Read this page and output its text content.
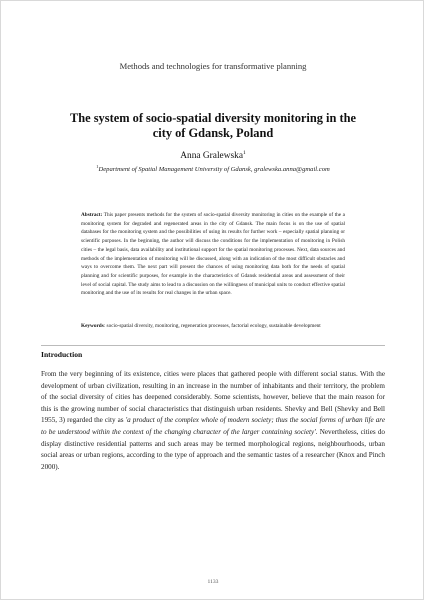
Methods and technologies for transformative planning
The system of socio-spatial diversity monitoring in the city of Gdansk, Poland
Anna Gralewska$^1$
$^1$Department of Spatial Management University of Gdansk, gralewska.anna@gmail.com
Abstract: This paper presents methods for the system of socio-spatial diversity monitoring in cities on the example of the a monitoring system for degraded and regenerated areas in the city of Gdansk. The main focus is on the use of spatial databases for the monitoring system and the possibilities of using its results for further work – especially spatial planning or scientific purposes. In the beginning, the author will discuss the conditions for the implementation of monitoring in Polish cities – the legal basis, data availability and institutional support for the spatial monitoring processes. Next, data sources and methods of the implementation of monitoring will be discussed, along with an indication of the most difficult obstacles and ways to overcome them. The next part will present the chances of using monitoring data both for the needs of spatial planning and for scientific purposes, for example in the characteristics of Gdansk residential areas and assessment of their level of social capital. The study aims to lead to a discussion on the willingness of municipal units to conduct effective spatial monitoring and the use of its results for real changes in the urban space.
Keywords: socio-spatial diversity, monitoring, regeneration processes, factorial ecology, sustainable development
Introduction
From the very beginning of its existence, cities were places that gathered people with different social status. With the development of urban civilization, resulting in an increase in the number of inhabitants and their territory, the problem of the social diversity of cities has deepened considerably. Some scientists, however, believe that the main reason for this is the growing number of social characteristics that distinguish urban residents. Shevky and Bell (Shevky and Bell 1955, 3) regarded the city as 'a product of the complex whole of modern society; thus the social forms of urban life are to be understood within the context of the changing character of the larger containing society'. Nevertheless, cities do display distinctive residential patterns and such areas may be termed morphological regions, neighbourhoods, urban social areas or urban regions, according to the type of approach and the semantic tastes of a researcher (Knox and Pinch 2000).
1133
